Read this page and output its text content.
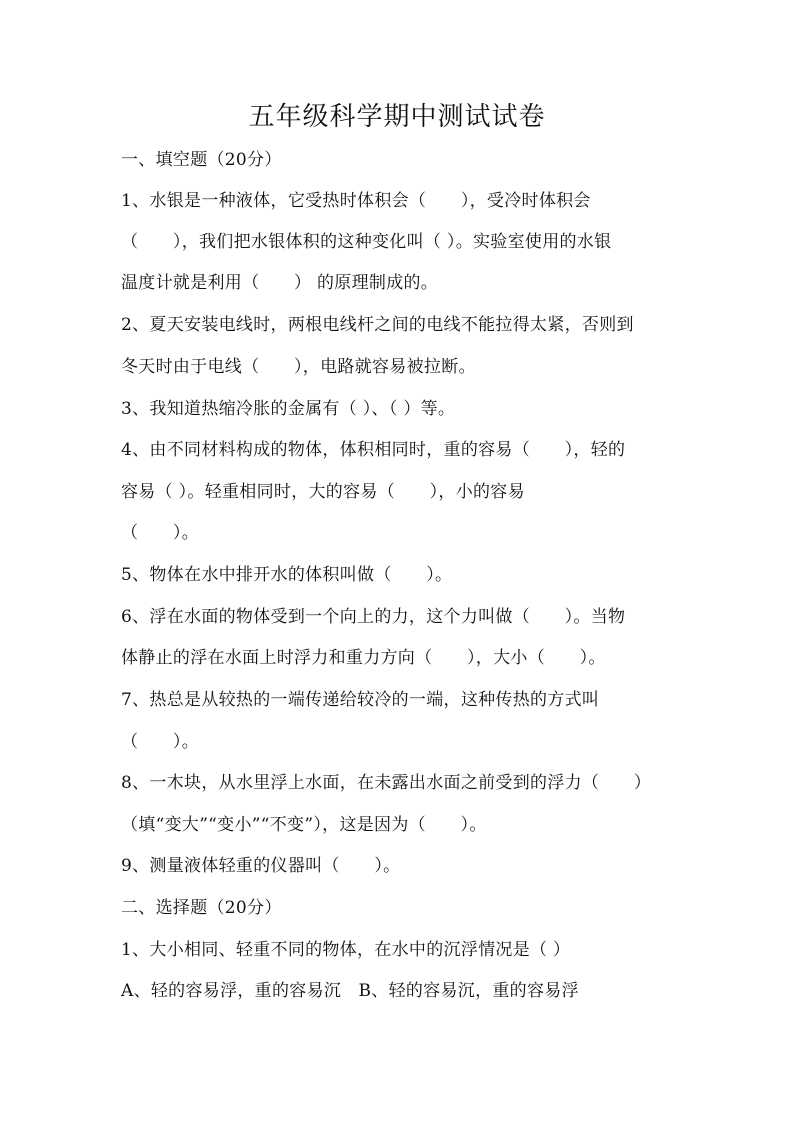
五年级科学期中测试试卷

一、填空题（20分）

1、水银是一种液体，它受热时体积会（　　），受冷时体积会

（　　），我们把水银体积的这种变化叫（ ）。实验室使用的水银

温度计就是利用（　　） 的原理制成的。

2、夏天安装电线时，两根电线杆之间的电线不能拉得太紧，否则到

冬天时由于电线（　　），电路就容易被拉断。

3、我知道热缩冷胀的金属有（ ）、（ ）等。

4、由不同材料构成的物体，体积相同时，重的容易（　　），轻的

容易（ ）。轻重相同时，大的容易（　　），小的容易

（　　）。

5、物体在水中排开水的体积叫做（　　）。

6、浮在水面的物体受到一个向上的力，这个力叫做（　　）。当物

体静止的浮在水面上时浮力和重力方向（　　），大小（　　）。

7、热总是从较热的一端传递给较冷的一端，这种传热的方式叫

（　　）。

8、一木块，从水里浮上水面，在未露出水面之前受到的浮力（　　）

（填“变大”“变小”“不变”），这是因为（　　）。

9、测量液体轻重的仪器叫（　　）。

二、选择题（20分）

1、大小相同、轻重不同的物体，在水中的沉浮情况是（ ）

A、轻的容易浮，重的容易沉　B、轻的容易沉，重的容易浮
